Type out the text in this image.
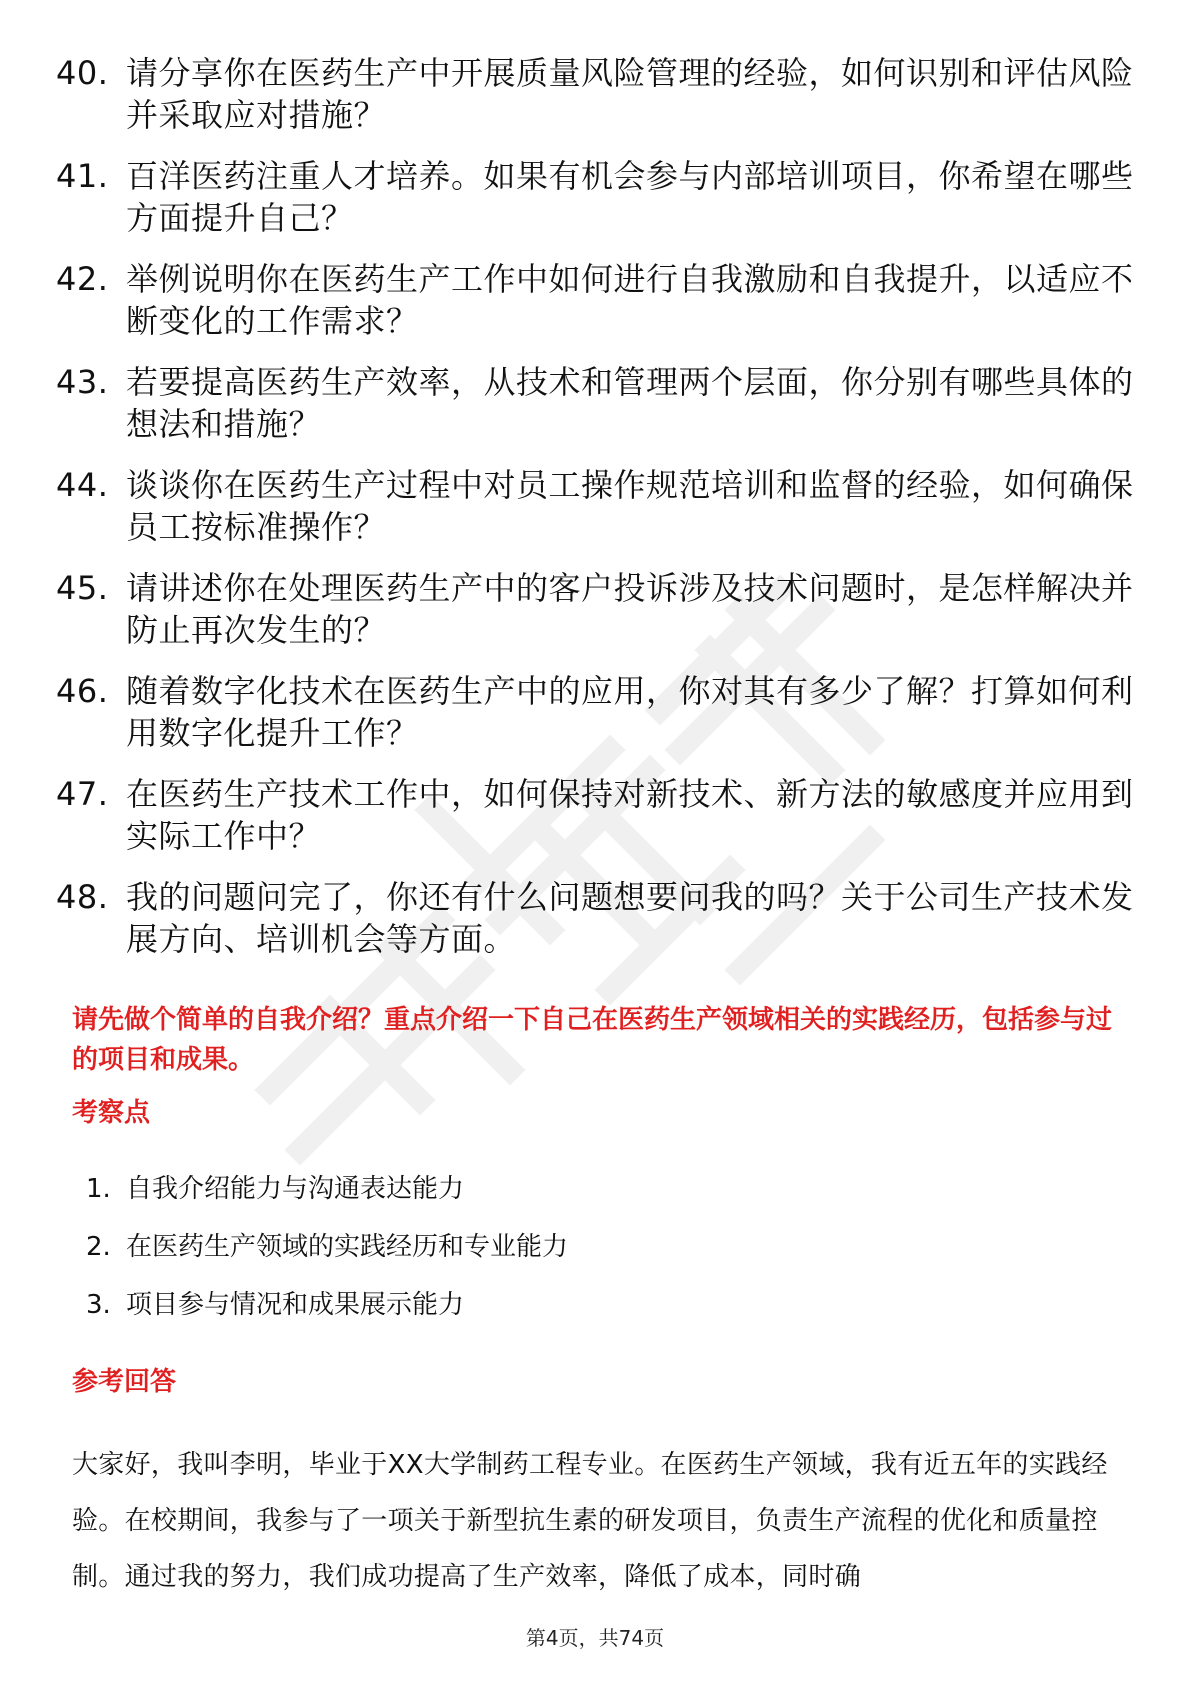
40. 请分享你在医药生产中开展质量风险管理的经验，如何识别和评估风险并采取应对措施？
41. 百洋医药注重人才培养。如果有机会参与内部培训项目，你希望在哪些方面提升自己？
42. 举例说明你在医药生产工作中如何进行自我激励和自我提升，以适应不断变化的工作需求？
43. 若要提高医药生产效率，从技术和管理两个层面，你分别有哪些具体的想法和措施？
44. 谈谈你在医药生产过程中对员工操作规范培训和监督的经验，如何确保员工按标准操作？
45. 请讲述你在处理医药生产中的客户投诉涉及技术问题时，是怎样解决并防止再次发生的？
46. 随着数字化技术在医药生产中的应用，你对其有多少了解？打算如何利用数字化提升工作？
47. 在医药生产技术工作中，如何保持对新技术、新方法的敏感度并应用到实际工作中？
48. 我的问题问完了，你还有什么问题想要问我的吗？关于公司生产技术发展方向、培训机会等方面。

请先做个简单的自我介绍？重点介绍一下自己在医药生产领域相关的实践经历，包括参与过的项目和成果。

考察点
1. 自我介绍能力与沟通表达能力
2. 在医药生产领域的实践经历和专业能力
3. 项目参与情况和成果展示能力
参考回答

大家好，我叫李明，毕业于XX大学制药工程专业。在医药生产领域，我有近五年的实践经验。在校期间，我参与了一项关于新型抗生素的研发项目，负责生产流程的优化和质量控制。通过我的努力，我们成功提高了生产效率，降低了成本，同时确

第4页，共74页
